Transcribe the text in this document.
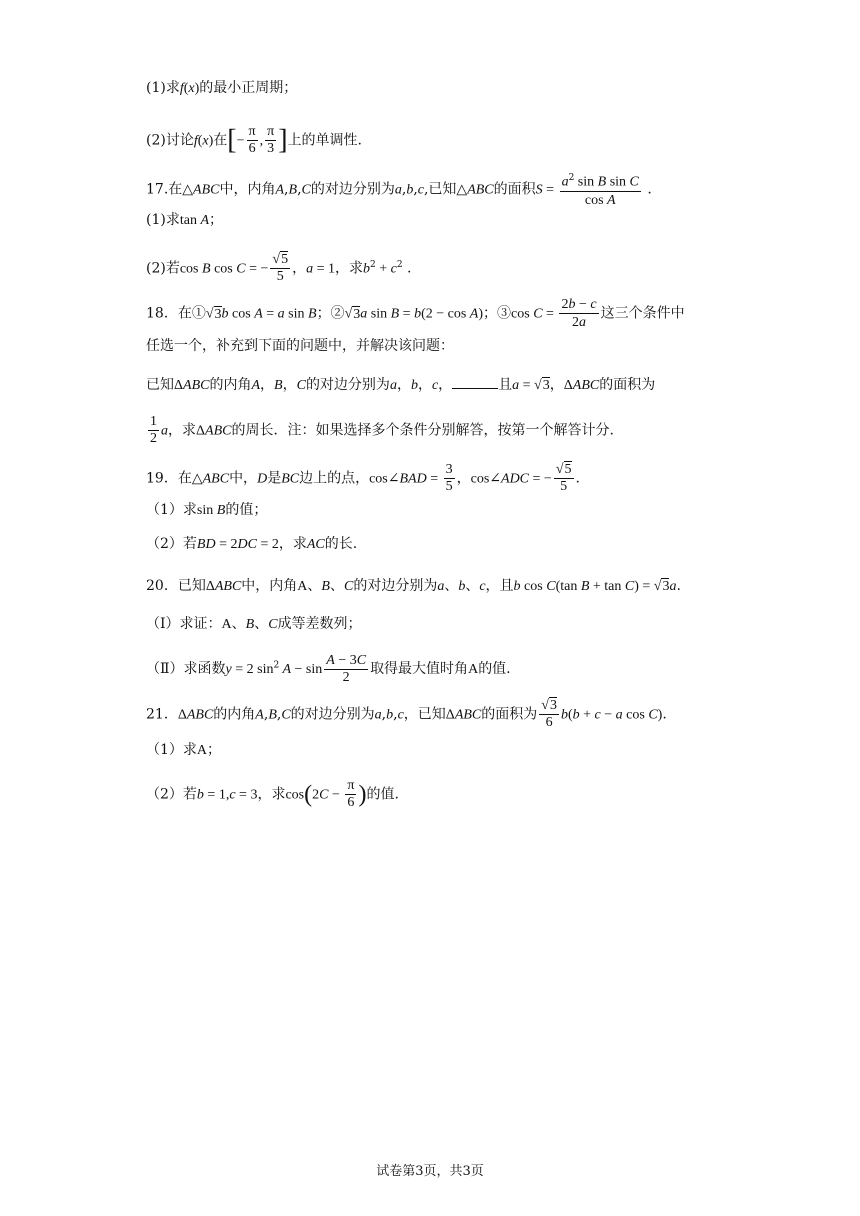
(1)求f(x)的最小正周期；
(2)讨论f(x)在[− $\frac{\pi}{6}$ , $\frac{\pi}{3}$ ]上的单调性.
17.在△ABC中，内角A,B,C的对边分别为a,b,c,已知△ABC的面积$S = \frac{a^2 \sin B \sin C}{\text{cos A}}$ .
(1)求tan A；
(2)若cos B cos C = − $\frac{√5}{5}$ ，a = 1，求$b^2 + c^2$ .
18．在①√3b cos A = a sin B；②√3a sin B = b(2 − cos A)；③cos $C = \frac{2b - c}{2a}$ 这三个条件中
任选一个，补充到下面的问题中，并解决该问题：
已知ΔABC的内角A，B，C的对边分别为a，b，c，	且a = √3，ΔABC的面积为
$\frac{1}{2}$ a，求ΔABC的周长．注：如果选择多个条件分别解答，按第一个解答计分.
19．在△ABC中，D是BC边上的点，cos∠BAD = $\frac{3}{5}$ ，cos∠ADC = − $\frac{√5}{5}$ .
（1）求sin B的值；
（2）若BD = 2DC = 2，求AC的长.
20．已知ΔABC中，内角A、B、C的对边分别为a、b、c，且b cos C(tan B + tan C) = √3a.
（Ⅰ）求证：A、B、C成等差数列；
（Ⅱ）求函数y = 2 $\sin^2 A - \sin \frac{A - 3C}{2}$ 取得最大值时角A的值.
21．ΔABC的内角A,B,C的对边分别为a,b,c，已知ΔABC的面积为 $\frac{√3}{6} b(b + c - a$ cos C).
（1）求A；
（2）若b = 1,c = 3，求$\cos(2C - \frac{\pi}{6}$ )的值.
试卷第3页，共3页
